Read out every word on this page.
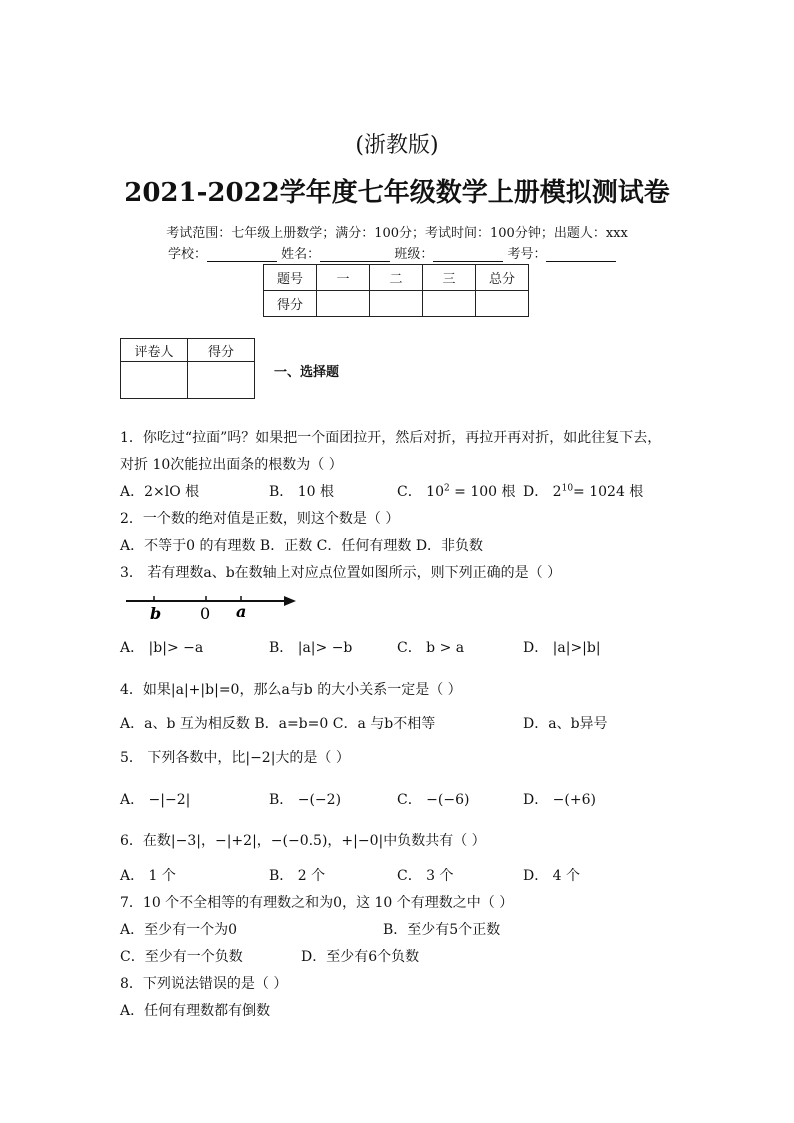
(浙教版)
2021-2022学年度七年级数学上册模拟测试卷
考试范围：七年级上册数学；满分：100分；考试时间：100分钟；出题人：xxx
学校：	姓名：	班级：	考号：
题号	一	二	三	总分
得分				
评卷人	得分

一、选择题
1．你吃过“拉面”吗？如果把一个面团拉开，然后对折，再拉开再对折，如此往复下去，
对折 10次能拉出面条的根数为（ ）
A．2×lO 根	B． 10 根	C． $10^2 = 100$ 根 D． $2^{10}= 1024$ 根
2．一个数的绝对值是正数，则这个数是（ ）
A．不等于0 的有理数 B．正数 C．任何有理数 D．非负数
3． 若有理数a、b在数轴上对应点位置如图所示，则下列正确的是（ ）
b 0 a
A． |b|> −a	B． |a|> −b	C． b > a	D． |a|>|b|
4．如果|a|+|b|=0，那么a与b 的大小关系一定是（ ）
A．a、b 互为相反数 B．a=b=0 C．a 与b不相等	D．a、b异号
5． 下列各数中，比|−2|大的是（ ）
A． −|−2|	B． −(−2)	C． −(−6)	D． −(+6)
6．在数|−3|，−|+2|，−(−0.5)，+|−0|中负数共有（ ）
A． 1 个	B． 2 个	C． 3 个	D． 4 个
7．10 个不全相等的有理数之和为0，这 10 个有理数之中（ ）
A．至少有一个为0	B．至少有5个正数
C．至少有一个负数	D．至少有6个负数
8．下列说法错误的是（ ）
A．任何有理数都有倒数
